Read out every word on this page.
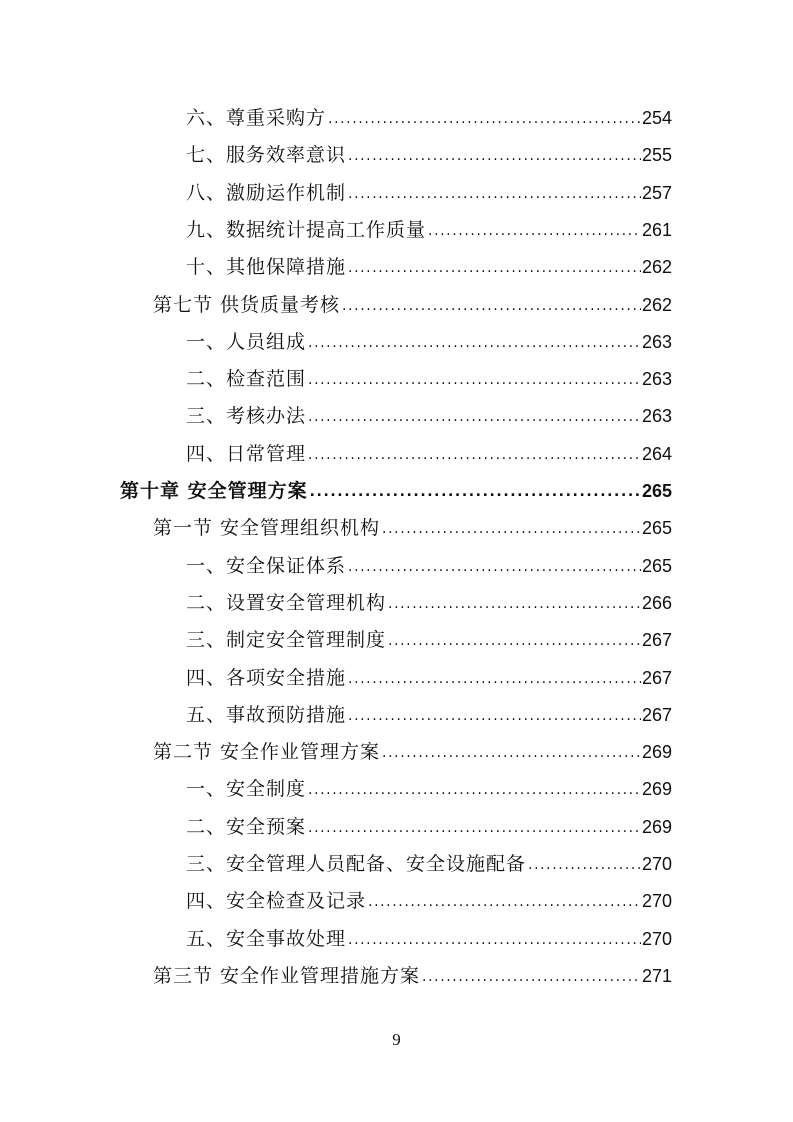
六、尊重采购方 .....	254
七、服务效率意识 .....	255
八、激励运作机制 .....	257
九、数据统计提高工作质量 .....	261
十、其他保障措施 .....	262
第七节 供货质量考核 .....	262
一、人员组成 .....	263
二、检查范围 .....	263
三、考核办法 .....	263
四、日常管理 .....	264
第十章 安全管理方案 .....	265
第一节 安全管理组织机构 .....	265
一、安全保证体系 .....	265
二、设置安全管理机构 .....	266
三、制定安全管理制度 .....	267
四、各项安全措施 .....	267
五、事故预防措施 .....	267
第二节 安全作业管理方案 .....	269
一、安全制度 .....	269
二、安全预案 .....	269
三、安全管理人员配备、安全设施配备 .....	270
四、安全检查及记录 .....	270
五、安全事故处理 .....	270
第三节 安全作业管理措施方案 .....	271
9
